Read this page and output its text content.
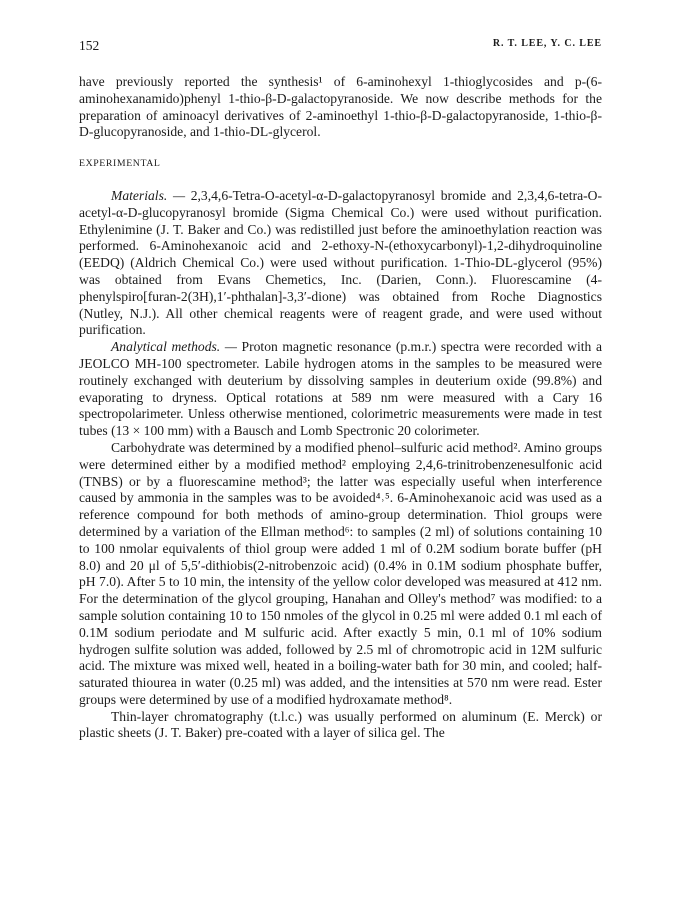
152	R. T. LEE, Y. C. LEE

have previously reported the synthesis¹ of 6-aminohexyl 1-thioglycosides and p-(6-aminohexanamido)phenyl 1-thio-β-D-galactopyranoside. We now describe methods for the preparation of aminoacyl derivatives of 2-aminoethyl 1-thio-β-D-galactopyranoside, 1-thio-β-D-glucopyranoside, and 1-thio-DL-glycerol.

EXPERIMENTAL

Materials. — 2,3,4,6-Tetra-O-acetyl-α-D-galactopyranosyl bromide and 2,3,4,6-tetra-O-acetyl-α-D-glucopyranosyl bromide (Sigma Chemical Co.) were used without purification. Ethylenimine (J. T. Baker and Co.) was redistilled just before the aminoethylation reaction was performed. 6-Aminohexanoic acid and 2-ethoxy-N-(ethoxycarbonyl)-1,2-dihydroquinoline (EEDQ) (Aldrich Chemical Co.) were used without purification. 1-Thio-DL-glycerol (95%) was obtained from Evans Chemetics, Inc. (Darien, Conn.). Fluorescamine (4-phenylspiro[furan-2(3H),1′-phthalan]-3,3′-dione) was obtained from Roche Diagnostics (Nutley, N.J.). All other chemical reagents were of reagent grade, and were used without purification.

Analytical methods. — Proton magnetic resonance (p.m.r.) spectra were recorded with a JEOLCO MH-100 spectrometer. Labile hydrogen atoms in the samples to be measured were routinely exchanged with deuterium by dissolving samples in deuterium oxide (99.8%) and evaporating to dryness. Optical rotations at 589 nm were measured with a Cary 16 spectropolarimeter. Unless otherwise mentioned, colorimetric measurements were made in test tubes (13 × 100 mm) with a Bausch and Lomb Spectronic 20 colorimeter.

Carbohydrate was determined by a modified phenol–sulfuric acid method². Amino groups were determined either by a modified method² employing 2,4,6-trinitrobenzenesulfonic acid (TNBS) or by a fluorescamine method³; the latter was especially useful when interference caused by ammonia in the samples was to be avoided⁴˒⁵. 6-Aminohexanoic acid was used as a reference compound for both methods of amino-group determination. Thiol groups were determined by a variation of the Ellman method⁶: to samples (2 ml) of solutions containing 10 to 100 nmolar equivalents of thiol group were added 1 ml of 0.2M sodium borate buffer (pH 8.0) and 20 μl of 5,5′-dithiobis(2-nitrobenzoic acid) (0.4% in 0.1M sodium phosphate buffer, pH 7.0). After 5 to 10 min, the intensity of the yellow color developed was measured at 412 nm. For the determination of the glycol grouping, Hanahan and Olley's method⁷ was modified: to a sample solution containing 10 to 150 nmoles of the glycol in 0.25 ml were added 0.1 ml each of 0.1M sodium periodate and M sulfuric acid. After exactly 5 min, 0.1 ml of 10% sodium hydrogen sulfite solution was added, followed by 2.5 ml of chromotropic acid in 12M sulfuric acid. The mixture was mixed well, heated in a boiling-water bath for 30 min, and cooled; half-saturated thiourea in water (0.25 ml) was added, and the intensities at 570 nm were read. Ester groups were determined by use of a modified hydroxamate method⁸.

Thin-layer chromatography (t.l.c.) was usually performed on aluminum (E. Merck) or plastic sheets (J. T. Baker) pre-coated with a layer of silica gel. The
